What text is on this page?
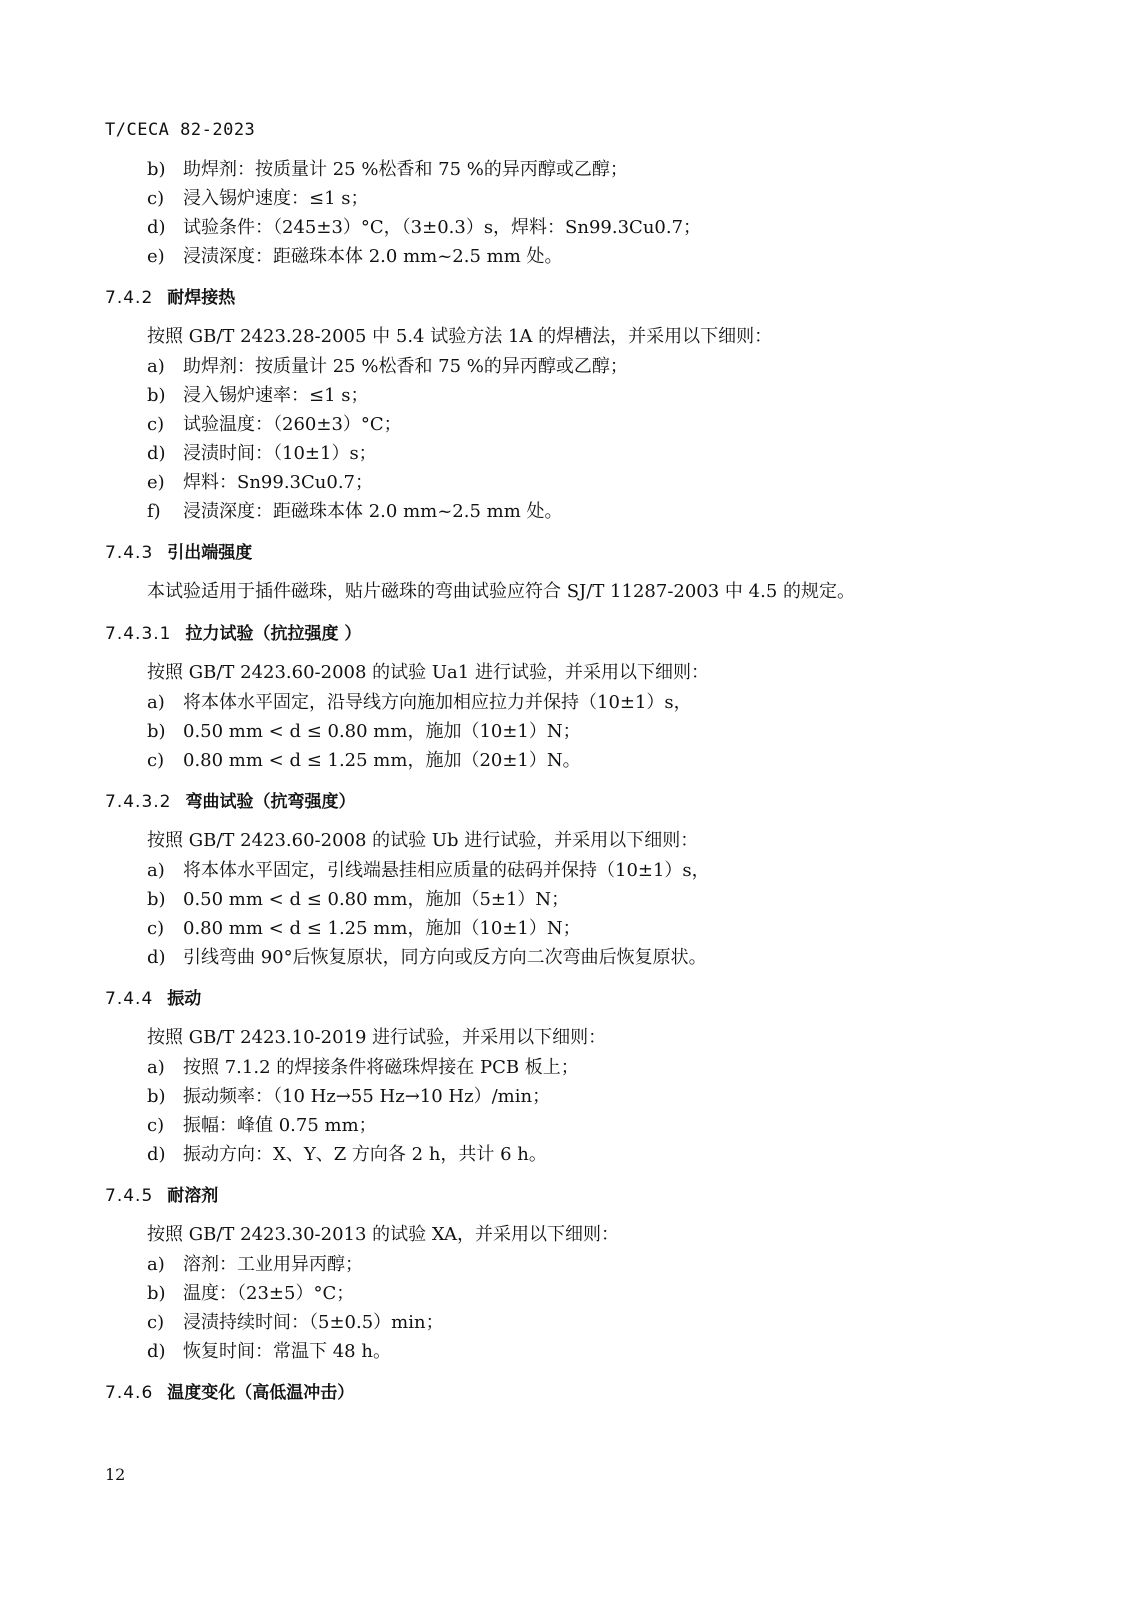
T/CECA 82-2023
b) 助焊剂：按质量计 25 %松香和 75 %的异丙醇或乙醇；
c)	浸入锡炉速度：≤1 s；
d) 试验条件：（245±3）°C，（3±0.3）s，焊料：Sn99.3Cu0.7；
e)	浸渍深度：距磁珠本体 2.0 mm~2.5 mm 处。
7.4.2 耐焊接热
按照 GB/T 2423.28-2005 中 5.4 试验方法 1A 的焊槽法，并采用以下细则：
a)	助焊剂：按质量计 25 %松香和 75 %的异丙醇或乙醇；
b) 浸入锡炉速率：≤1 s；
c)	试验温度：（260±3）°C；
d) 浸渍时间：（10±1）s；
e)	焊料：Sn99.3Cu0.7；
f)	浸渍深度：距磁珠本体 2.0 mm~2.5 mm 处。
7.4.3 引出端强度
本试验适用于插件磁珠，贴片磁珠的弯曲试验应符合 SJ/T 11287-2003 中 4.5 的规定。
7.4.3.1 拉力试验（抗拉强度 ）
按照 GB/T 2423.60-2008 的试验 Ua1 进行试验，并采用以下细则：
a)	将本体水平固定，沿导线方向施加相应拉力并保持（10±1）s，
b) 0.50 mm < d ≤ 0.80 mm，施加（10±1）N；
c)	0.80 mm < d ≤ 1.25 mm，施加（20±1）N。
7.4.3.2 弯曲试验（抗弯强度）
按照 GB/T 2423.60-2008 的试验 Ub 进行试验，并采用以下细则：
a)	将本体水平固定，引线端悬挂相应质量的砝码并保持（10±1）s，
b) 0.50 mm < d ≤ 0.80 mm，施加（5±1）N；
c)	0.80 mm < d ≤ 1.25 mm，施加（10±1）N；
d) 引线弯曲 90°后恢复原状，同方向或反方向二次弯曲后恢复原状。
7.4.4 振动
按照 GB/T 2423.10-2019 进行试验，并采用以下细则：
a)	按照 7.1.2 的焊接条件将磁珠焊接在 PCB 板上；
b) 振动频率：（10 Hz→55 Hz→10 Hz）/min；
c)	振幅：峰值 0.75 mm；
d) 振动方向：X、Y、Z 方向各 2 h，共计 6 h。
7.4.5 耐溶剂
按照 GB/T 2423.30-2013 的试验 XA，并采用以下细则：
a)	溶剂：工业用异丙醇；
b) 温度：（23±5）°C；
c)	浸渍持续时间：（5±0.5）min；
d) 恢复时间：常温下 48 h。
7.4.6 温度变化（高低温冲击）
12
